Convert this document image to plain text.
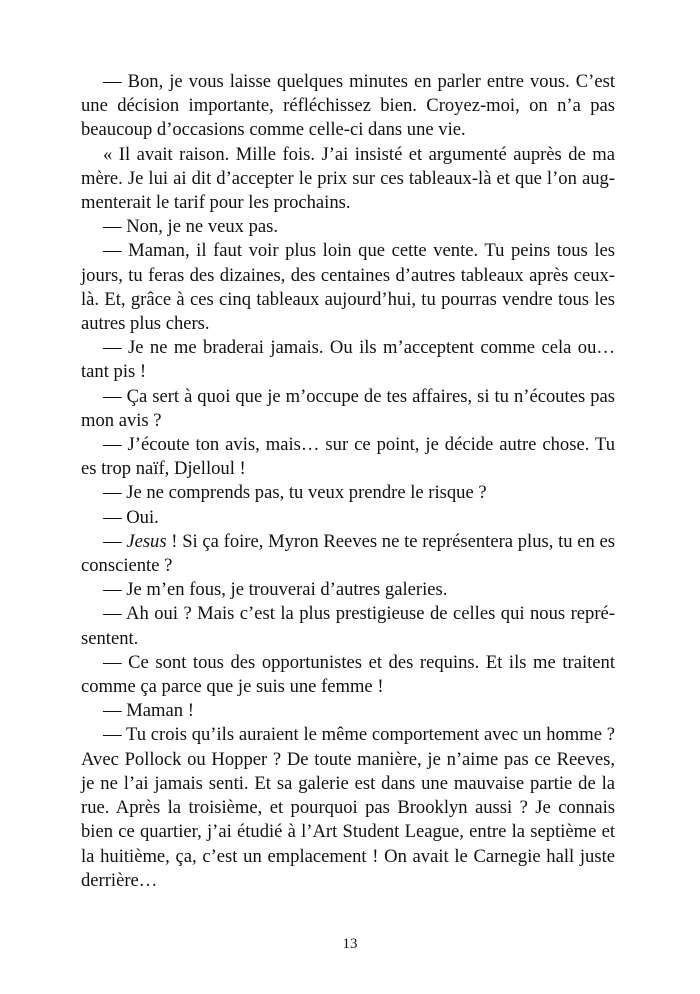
— Bon, je vous laisse quelques minutes en parler entre vous. C’est une décision importante, réfléchissez bien. Croyez-moi, on n’a pas beaucoup d’occasions comme celle-ci dans une vie.

« Il avait raison. Mille fois. J’ai insisté et argumenté auprès de ma mère. Je lui ai dit d’accepter le prix sur ces tableaux-là et que l’on augmenterait le tarif pour les prochains.

— Non, je ne veux pas.

— Maman, il faut voir plus loin que cette vente. Tu peins tous les jours, tu feras des dizaines, des centaines d’autres tableaux après ceux-là. Et, grâce à ces cinq tableaux aujourd’hui, tu pourras vendre tous les autres plus chers.

— Je ne me braderai jamais. Ou ils m’acceptent comme cela ou… tant pis !

— Ça sert à quoi que je m’occupe de tes affaires, si tu n’écoutes pas mon avis ?

— J’écoute ton avis, mais… sur ce point, je décide autre chose. Tu es trop naïf, Djelloul !

— Je ne comprends pas, tu veux prendre le risque ?

— Oui.

— Jesus ! Si ça foire, Myron Reeves ne te représentera plus, tu en es consciente ?

— Je m’en fous, je trouverai d’autres galeries.

— Ah oui ? Mais c’est la plus prestigieuse de celles qui nous représentent.

— Ce sont tous des opportunistes et des requins. Et ils me traitent comme ça parce que je suis une femme !

— Maman !

— Tu crois qu’ils auraient le même comportement avec un homme ? Avec Pollock ou Hopper ? De toute manière, je n’aime pas ce Reeves, je ne l’ai jamais senti. Et sa galerie est dans une mauvaise partie de la rue. Après la troisième, et pourquoi pas Brooklyn aussi ? Je connais bien ce quartier, j’ai étudié à l’Art Student League, entre la septième et la huitième, ça, c’est un emplacement ! On avait le Carnegie hall juste derrière…

13
